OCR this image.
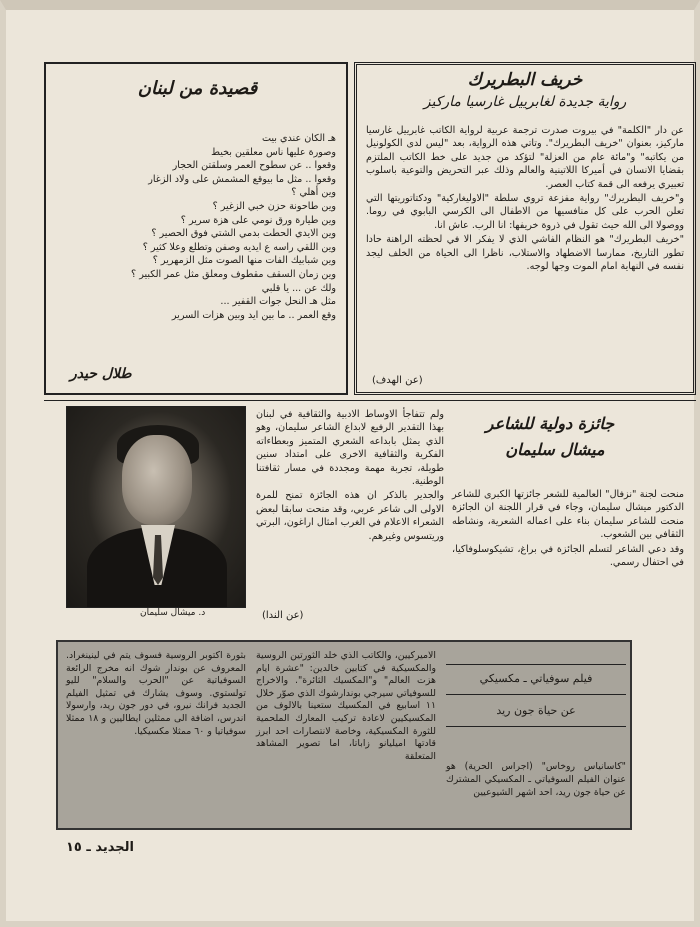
خريف البطريرك
رواية جديدة لغابرييل غارسيا ماركيز

عن دار "الكلمة" في بيروت صدرت ترجمة عربية لرواية الكاتب غابرييل غارسيا ماركيز، بعنوان "خريف البطريرك". وتاتي هذه الرواية، بعد "ليس لدى الكولونيل من يكاتبه" و"مائة عام من العزلة" لتؤكد من جديد على خط الكاتب الملتزم بقضايا الانسان في أميركا اللاتينية والعالم وذلك عبر التحريض والتوعية باسلوب تعبيري يرفعه الى قمة كتاب العصر.

و"خريف البطريرك" رواية مفزعة تروي سلطة "الاوليغاركية" ودكتاتوريتها التي تعلن الحرب على كل منافسيها من الاطفال الى الكرسي البابوي في روما. ووصولا الى الله حيث تقول في ذروة خريفها: انا الرب. عاش انا.

"خريف البطريرك" هو النظام الفاشي الذي لا يفكر الا في لحظته الراهنة حادا تطور التاريخ، ممارسا الاضطهاد والاستلاب، ناظرا الى الحياة من الخلف ليجد نفسه في النهاية امام الموت وجها لوجه.

(عن الهدف)
قصيدة من لبنان
هـ الكان عندي بيت
وصورة عليها ناس معلقين بخيط
وقعوا .. عن سطوح العمر وسلقتن الحجار
وقعوا .. مثل ما بيوقع المشمش على ولاد الزغار
وين أهلي ؟
وين طاحونة حزن خبي الزغير ؟
وين طيارة ورق نومي على هزة سرير ؟
وين الايدي الحطت بدمي الشتي فوق الحصير ؟
وين اللقي راسه ع ايديه وصفن وتطلع وعلا كثير ؟
وين شبابيك الفات منها الصوت مثل الزمهرير ؟
وين زمان السقف مقطوف ومعلق مثل عمر الكبير ؟
ولك عن ... يا قلبي
مثل هـ النحل جوات القفير ...
وقع العمر .. ما بين ايد وبين هزات السرير
طلال حيدر
جائزة دولية للشاعر
ميشال سليمان

منحت لجنة "نزفال" العالمية للشعر جائزتها الكبرى للشاعر الدكتور ميشال سليمان، وجاء في قرار اللجنة ان الجائزة منحت للشاعر سليمان بناء على اعماله الشعرية، ونشاطه الثقافي بين الشعوب.

وقد دعي الشاعر لتسلم الجائزة في براغ، تشيكوسلوفاكيا، في احتفال رسمي.

ولم تتفاجأ الاوساط الادبية والثقافية في لبنان بهذا التقدير الرفيع لابداع الشاعر سليمان، وهو الذي يمثل بابداعه الشعري المتميز وبعطاءاته الفكرية والثقافية الاخرى على امتداد سنين طويلة، تجربة مهمة ومجددة في مسار ثقافتنا الوطنية.

والجدير بالذكر ان هذه الجائزة تمنح للمرة الاولى الى شاعر عربي، وقد منحت سابقا لبعض الشعراء الاعلام في الغرب امثال اراغون، البرتي وريتسوس وغيرهم.

(عن الندا)
د. ميشال سليمان
فيلم سوفياتي ـ مكسيكي
عن حياة جون ريد
"كاسانياس روخاس" (اجراس الحرية) هو عنوان الفيلم السوفياتي ـ المكسيكي المشترك عن حياة جون ريد، احد اشهر الشيوعيين
الاميركيين، والكاتب الذي خلد الثورتين الروسية والمكسيكية في كتابين خالدين: "عشرة ايام هزت العالم" و"المكسيك الثائرة". والاخراج للسوفياتي سيرجي بوندارشوك الذي صوّر خلال ١١ اسابيع في المكسيك ستعينا بالالوف من المكسيكيين لاعادة تركيب المعارك الملحمية للثورة المكسيكية، وخاصة لانتصارات احد ابرز قادتها اميليانو زاباتا، اما تصوير المشاهد المتعلقة
بثورة اكتوبر الروسية فسوف يتم في لينينغراد. المعروف عن بوندار شوك انه مخرج الرائعة السوفياتية عن "الحرب والسلام" لليو تولستوي. وسوف يشارك في تمثيل الفيلم الجديد فرانك نيرو، في دور جون ريد، وارسولا اندرس، اضافة الى ممثلين ايطاليين و ١٨ ممثلا سوفياتيا و ٦٠ ممثلا مكسيكيا.
الجديد ـ ١٥
